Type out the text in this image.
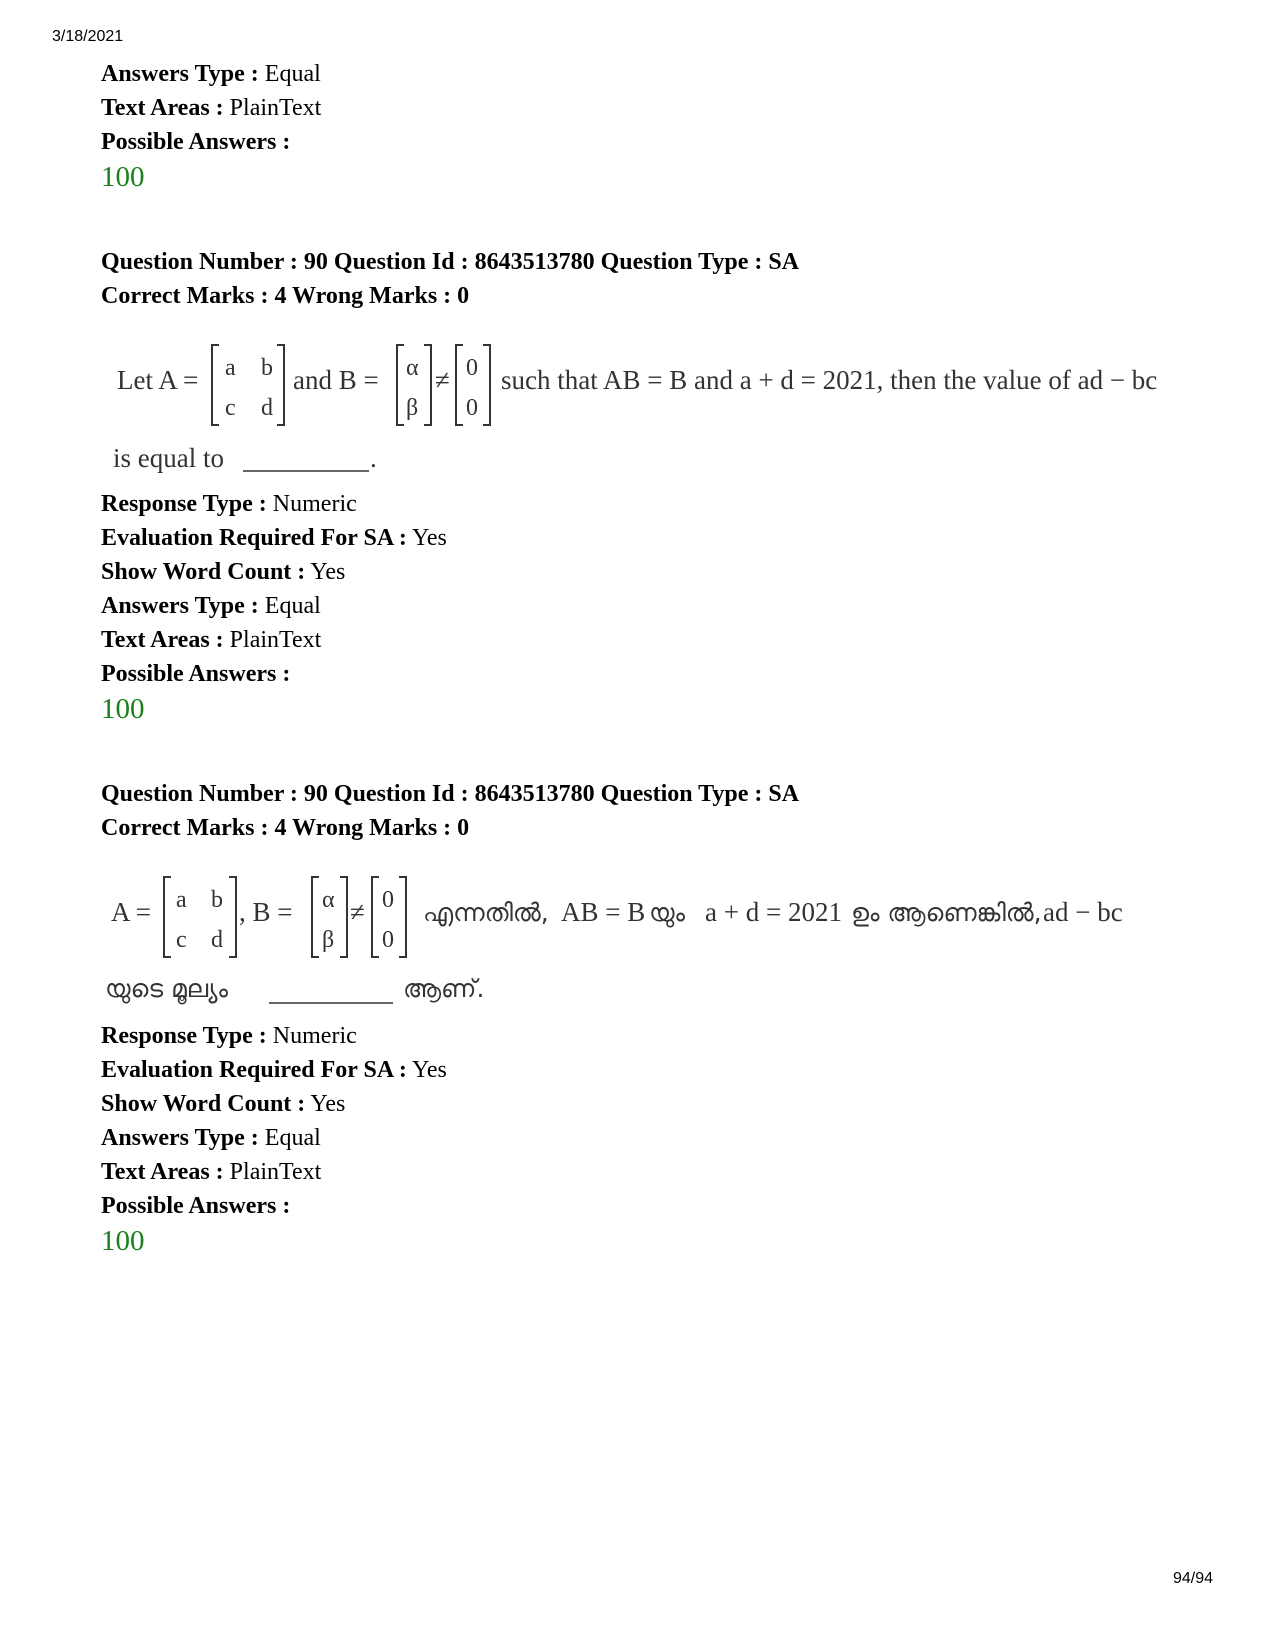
3/18/2021
Answers Type : Equal
Text Areas : PlainText
Possible Answers :
100
Question Number : 90 Question Id : 8643513780 Question Type : SA
Correct Marks : 4 Wrong Marks : 0
Let A = a b
c d
and B = α
β
≠ 0
0
such that AB = B and a + d = 2021, then the value of ad − bc
is equal to	.
Response Type : Numeric
Evaluation Required For SA : Yes
Show Word Count : Yes
Answers Type : Equal
Text Areas : PlainText
Possible Answers :
100
Question Number : 90 Question Id : 8643513780 Question Type : SA
Correct Marks : 4 Wrong Marks : 0
A = a b
c d
, B = α
β
≠ 0
0
എന്നതിൽ, AB = B യും a + d = 2021 ഉം ആണെങ്കിൽ, ad − bc
യുടെ മൂല്യം	ആണ്.
Response Type : Numeric
Evaluation Required For SA : Yes
Show Word Count : Yes
Answers Type : Equal
Text Areas : PlainText
Possible Answers :
100
94/94
